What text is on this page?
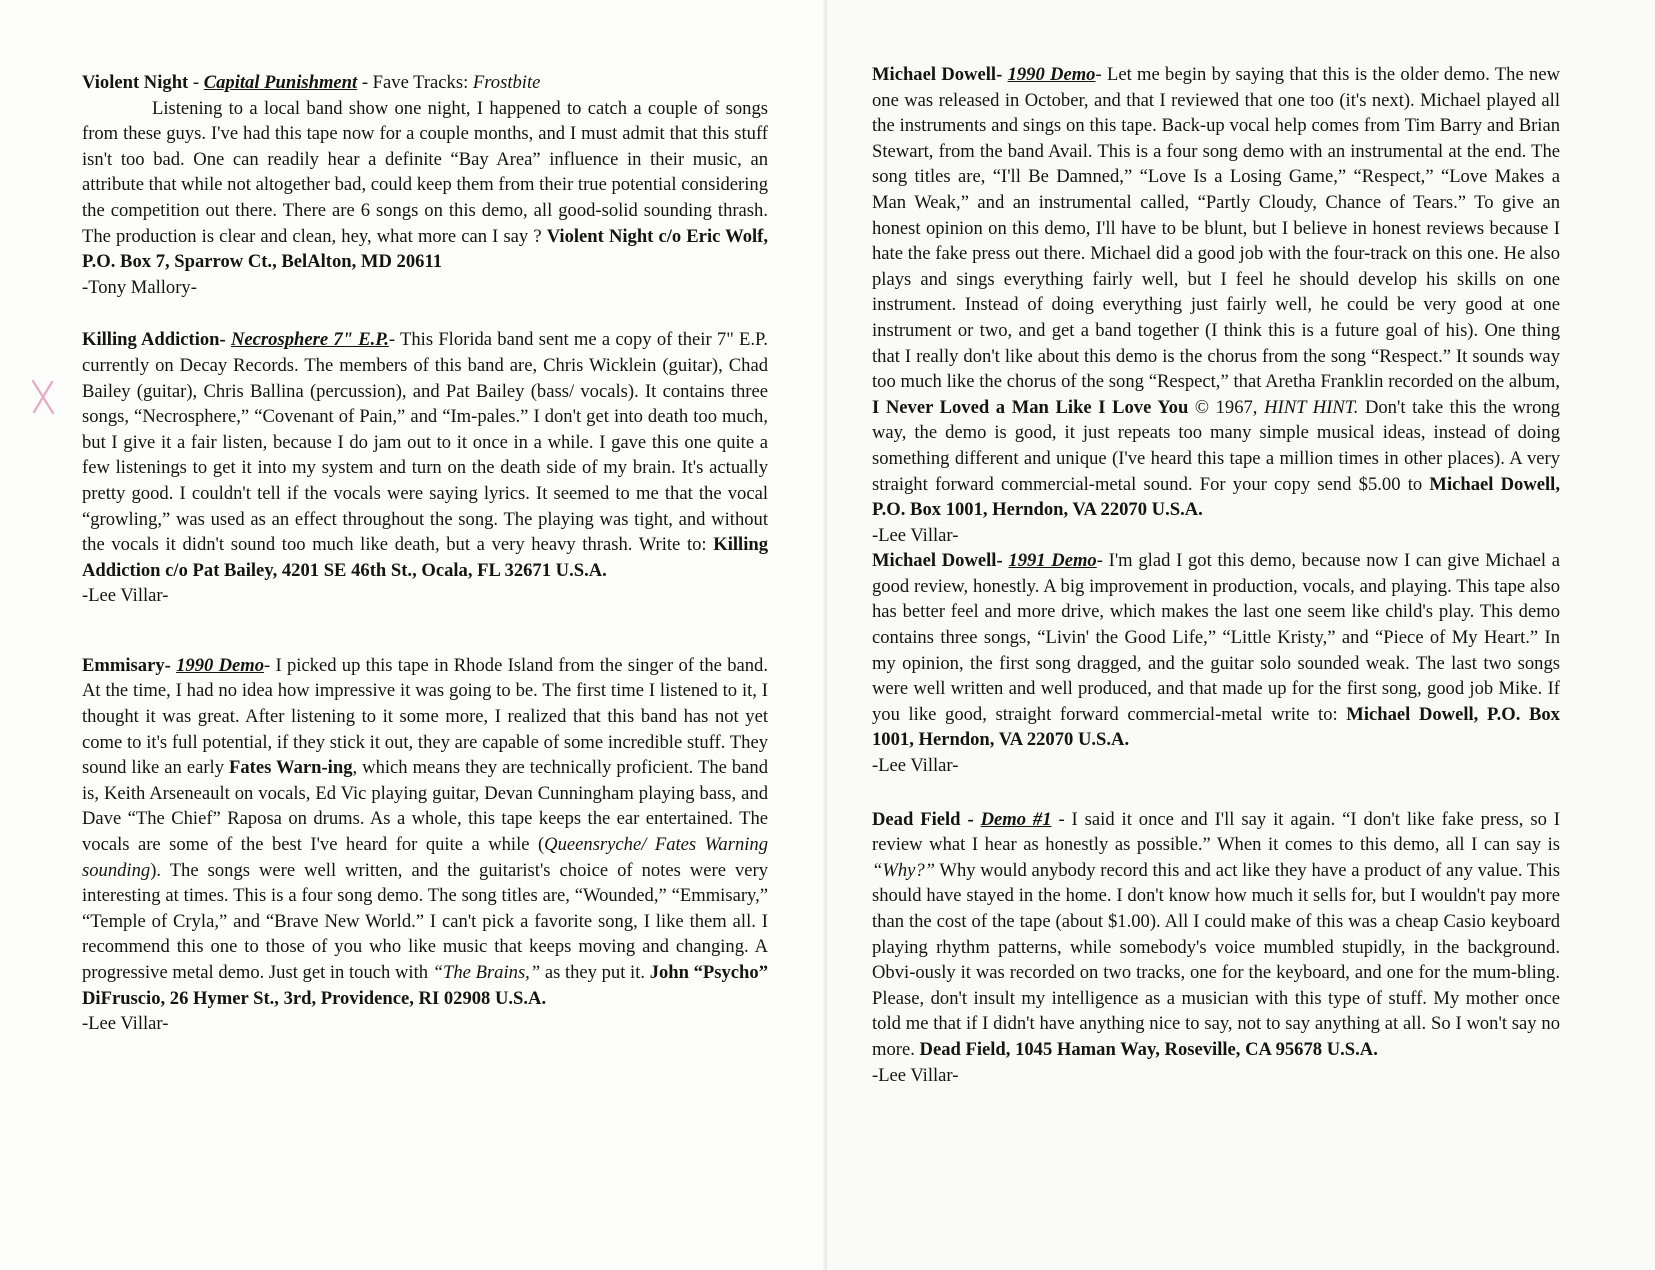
Violent Night - Capital Punishment - Fave Tracks: Frostbite
Listening to a local band show one night, I happened to catch a couple of songs from these guys. I've had this tape now for a couple months, and I must admit that this stuff isn't too bad. One can readily hear a definite “Bay Area” influence in their music, an attribute that while not altogether bad, could keep them from their true potential considering the competition out there. There are 6 songs on this demo, all good-solid sounding thrash. The production is clear and clean, hey, what more can I say ? Violent Night c/o Eric Wolf, P.O. Box 7, Sparrow Ct., BelAlton, MD 20611

-Tony Mallory-

Killing Addiction- Necrosphere 7" E.P.- This Florida band sent me a copy of their 7" E.P. currently on Decay Records. The members of this band are, Chris Wicklein (guitar), Chad Bailey (guitar), Chris Ballina (percussion), and Pat Bailey (bass/ vocals). It contains three songs, “Necrosphere,” “Covenant of Pain,” and “Im-pales.” I don't get into death too much, but I give it a fair listen, because I do jam out to it once in a while. I gave this one quite a few listenings to get it into my system and turn on the death side of my brain. It's actually pretty good. I couldn't tell if the vocals were saying lyrics. It seemed to me that the vocal “growling,” was used as an effect throughout the song. The playing was tight, and without the vocals it didn't sound too much like death, but a very heavy thrash. Write to: Killing Addiction c/o Pat Bailey, 4201 SE 46th St., Ocala, FL 32671 U.S.A.

-Lee Villar-

Emmisary- 1990 Demo- I picked up this tape in Rhode Island from the singer of the band. At the time, I had no idea how impressive it was going to be. The first time I listened to it, I thought it was great. After listening to it some more, I realized that this band has not yet come to it's full potential, if they stick it out, they are capable of some incredible stuff. They sound like an early Fates Warn-ing, which means they are technically proficient. The band is, Keith Arseneault on vocals, Ed Vic playing guitar, Devan Cunningham playing bass, and Dave “The Chief” Raposa on drums. As a whole, this tape keeps the ear entertained. The vocals are some of the best I've heard for quite a while (Queensryche/ Fates Warning sounding). The songs were well written, and the guitarist's choice of notes were very interesting at times. This is a four song demo. The song titles are, “Wounded,” “Emmisary,” “Temple of Cryla,” and “Brave New World.” I can't pick a favorite song, I like them all. I recommend this one to those of you who like music that keeps moving and changing. A progressive metal demo. Just get in touch with “The Brains,” as they put it. John “Psycho” DiFruscio, 26 Hymer St., 3rd, Providence, RI 02908 U.S.A.

-Lee Villar-

Michael Dowell- 1990 Demo- Let me begin by saying that this is the older demo. The new one was released in October, and that I reviewed that one too (it's next). Michael played all the instruments and sings on this tape. Back-up vocal help comes from Tim Barry and Brian Stewart, from the band Avail. This is a four song demo with an instrumental at the end. The song titles are, “I'll Be Damned,” “Love Is a Losing Game,” “Respect,” “Love Makes a Man Weak,” and an instrumental called, “Partly Cloudy, Chance of Tears.” To give an honest opinion on this demo, I'll have to be blunt, but I believe in honest reviews because I hate the fake press out there. Michael did a good job with the four-track on this one. He also plays and sings everything fairly well, but I feel he should develop his skills on one instrument. Instead of doing everything just fairly well, he could be very good at one instrument or two, and get a band together (I think this is a future goal of his). One thing that I really don't like about this demo is the chorus from the song “Respect.” It sounds way too much like the chorus of the song “Respect,” that Aretha Franklin recorded on the album, I Never Loved a Man Like I Love You © 1967, HINT HINT. Don't take this the wrong way, the demo is good, it just repeats too many simple musical ideas, instead of doing something different and unique (I've heard this tape a million times in other places). A very straight forward commercial-metal sound. For your copy send $5.00 to Michael Dowell, P.O. Box 1001, Herndon, VA 22070 U.S.A.

-Lee Villar-

Michael Dowell- 1991 Demo- I'm glad I got this demo, because now I can give Michael a good review, honestly. A big improvement in production, vocals, and playing. This tape also has better feel and more drive, which makes the last one seem like child's play. This demo contains three songs, “Livin' the Good Life,” “Little Kristy,” and “Piece of My Heart.” In my opinion, the first song dragged, and the guitar solo sounded weak. The last two songs were well written and well produced, and that made up for the first song, good job Mike. If you like good, straight forward commercial-metal write to: Michael Dowell, P.O. Box 1001, Herndon, VA 22070 U.S.A.

-Lee Villar-

Dead Field - Demo #1 - I said it once and I'll say it again. “I don't like fake press, so I review what I hear as honestly as possible.” When it comes to this demo, all I can say is “Why?” Why would anybody record this and act like they have a product of any value. This should have stayed in the home. I don't know how much it sells for, but I wouldn't pay more than the cost of the tape (about $1.00). All I could make of this was a cheap Casio keyboard playing rhythm patterns, while somebody's voice mumbled stupidly, in the background. Obvi-ously it was recorded on two tracks, one for the keyboard, and one for the mum-bling. Please, don't insult my intelligence as a musician with this type of stuff. My mother once told me that if I didn't have anything nice to say, not to say anything at all. So I won't say no more. Dead Field, 1045 Haman Way, Roseville, CA 95678 U.S.A.

-Lee Villar-
